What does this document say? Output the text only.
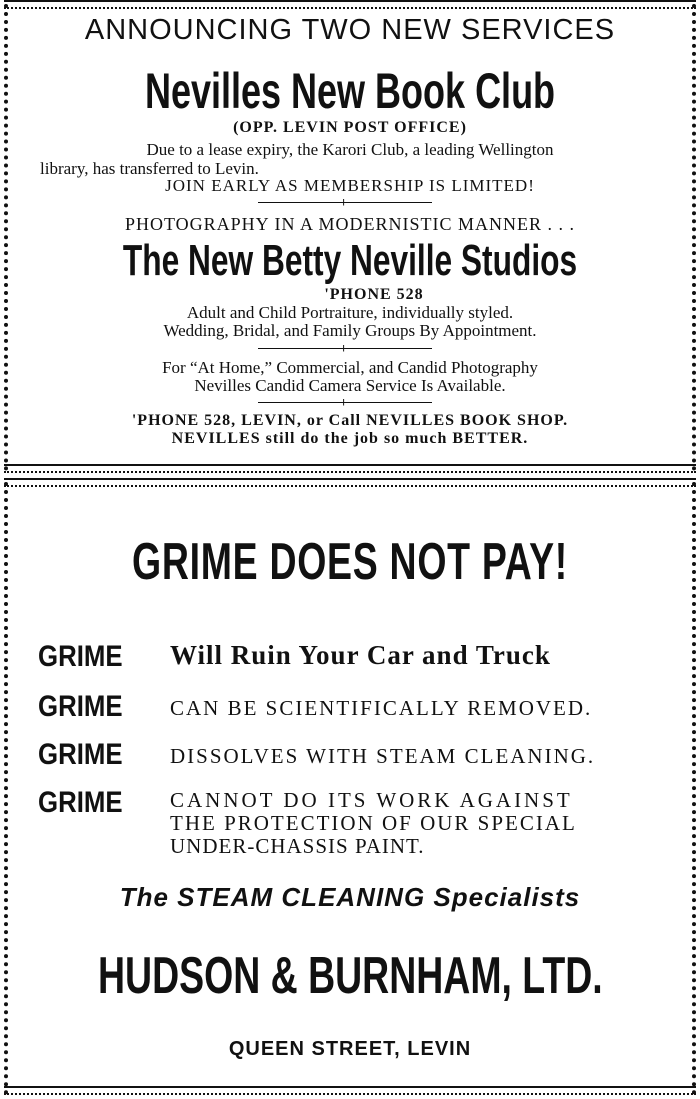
ANNOUNCING TWO NEW SERVICES
Nevilles New Book Club
(OPP. LEVIN POST OFFICE)
Due to a lease expiry, the Karori Club, a leading Wellington
library, has transferred to Levin.
JOIN EARLY AS MEMBERSHIP IS LIMITED!
+
PHOTOGRAPHY IN A MODERNISTIC MANNER . . .
The New Betty Neville Studios
'PHONE 528
Adult and Child Portraiture, individually styled.
Wedding, Bridal, and Family Groups By Appointment.
+
For “At Home,” Commercial, and Candid Photography
Nevilles Candid Camera Service Is Available.
+
'PHONE 528, LEVIN, or Call NEVILLES BOOK SHOP.
NEVILLES still do the job so much BETTER.
GRIME DOES NOT PAY!
GRIME Will Ruin Your Car and Truck
GRIME CAN BE SCIENTIFICALLY REMOVED.
GRIME DISSOLVES WITH STEAM CLEANING.
GRIME CANNOT DO ITS WORK AGAINST
THE PROTECTION OF OUR SPECIAL
UNDER-CHASSIS PAINT.
The STEAM CLEANING Specialists
HUDSON & BURNHAM, LTD.
QUEEN STREET, LEVIN
